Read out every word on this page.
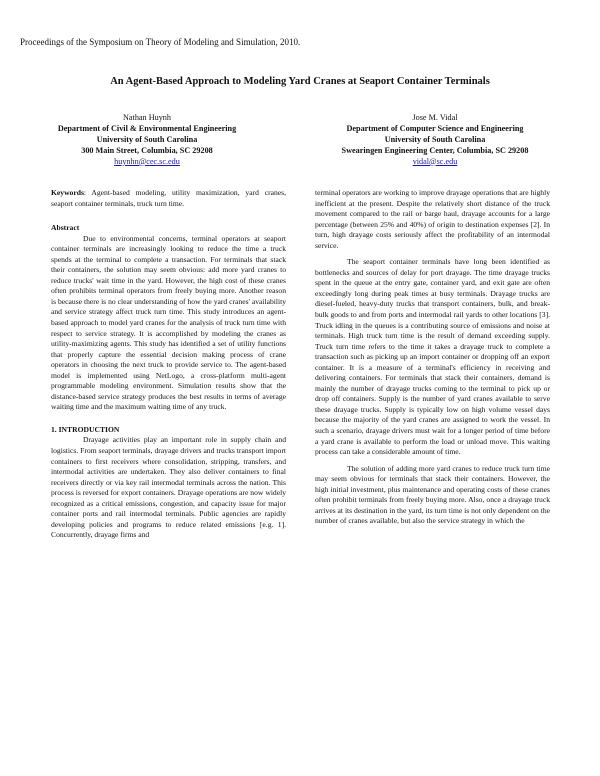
Proceedings of the Symposium on Theory of Modeling and Simulation, 2010.
An Agent-Based Approach to Modeling Yard Cranes at Seaport Container Terminals
Nathan Huynh
Department of Civil & Environmental Engineering
University of South Carolina
300 Main Street, Columbia, SC 29208
huynhn@cec.sc.edu
Jose M. Vidal
Department of Computer Science and Engineering
University of South Carolina
Swearingen Engineering Center, Columbia, SC 29208
vidal@sc.edu

Keywords: Agent-based modeling, utility maximization, yard cranes, seaport container terminals, truck turn time.

Abstract

Due to environmental concerns, terminal operators at seaport container terminals are increasingly looking to reduce the time a truck spends at the terminal to complete a transaction. For terminals that stack their containers, the solution may seem obvious: add more yard cranes to reduce trucks' wait time in the yard. However, the high cost of these cranes often prohibits terminal operators from freely buying more. Another reason is because there is no clear understanding of how the yard cranes' availability and service strategy affect truck turn time. This study introduces an agent-based approach to model yard cranes for the analysis of truck turn time with respect to service strategy. It is accomplished by modeling the cranes as utility-maximizing agents. This study has identified a set of utility functions that properly capture the essential decision making process of crane operators in choosing the next truck to provide service to. The agent-based model is implemented using NetLogo, a cross-platform multi-agent programmable modeling environment. Simulation results show that the distance-based service strategy produces the best results in terms of average waiting time and the maximum waiting time of any truck.

1. INTRODUCTION

Drayage activities play an important role in supply chain and logistics. From seaport terminals, drayage drivers and trucks transport import containers to first receivers where consolidation, stripping, transfers, and intermodal activities are undertaken. They also deliver containers to final receivers directly or via key rail intermodal terminals across the nation. This process is reversed for export containers. Drayage operations are now widely recognized as a critical emissions, congestion, and capacity issue for major container ports and rail intermodal terminals. Public agencies are rapidly developing policies and programs to reduce related emissions [e.g. 1]. Concurrently, drayage firms and

terminal operators are working to improve drayage operations that are highly inefficient at the present. Despite the relatively short distance of the truck movement compared to the rail or barge haul, drayage accounts for a large percentage (between 25% and 40%) of origin to destination expenses [2]. In turn, high drayage costs seriously affect the profitability of an intermodal service.

The seaport container terminals have long been identified as bottlenecks and sources of delay for port drayage. The time drayage trucks spent in the queue at the entry gate, container yard, and exit gate are often exceedingly long during peak times at busy terminals. Drayage trucks are diesel-fueled, heavy-duty trucks that transport containers, bulk, and break-bulk goods to and from ports and intermodal rail yards to other locations [3]. Truck idling in the queues is a contributing source of emissions and noise at terminals. High truck turn time is the result of demand exceeding supply. Truck turn time refers to the time it takes a drayage truck to complete a transaction such as picking up an import container or dropping off an export container. It is a measure of a terminal's efficiency in receiving and delivering containers. For terminals that stack their containers, demand is mainly the number of drayage trucks coming to the terminal to pick up or drop off containers. Supply is the number of yard cranes available to serve these drayage trucks. Supply is typically low on high volume vessel days because the majority of the yard cranes are assigned to work the vessel. In such a scenario, drayage drivers must wait for a longer period of time before a yard crane is available to perform the load or unload move. This waiting process can take a considerable amount of time.

The solution of adding more yard cranes to reduce truck turn time may seem obvious for terminals that stack their containers. However, the high initial investment, plus maintenance and operating costs of these cranes often prohibit terminals from freely buying more. Also, once a drayage truck arrives at its destination in the yard, its turn time is not only dependent on the number of cranes available, but also the service strategy in which the
